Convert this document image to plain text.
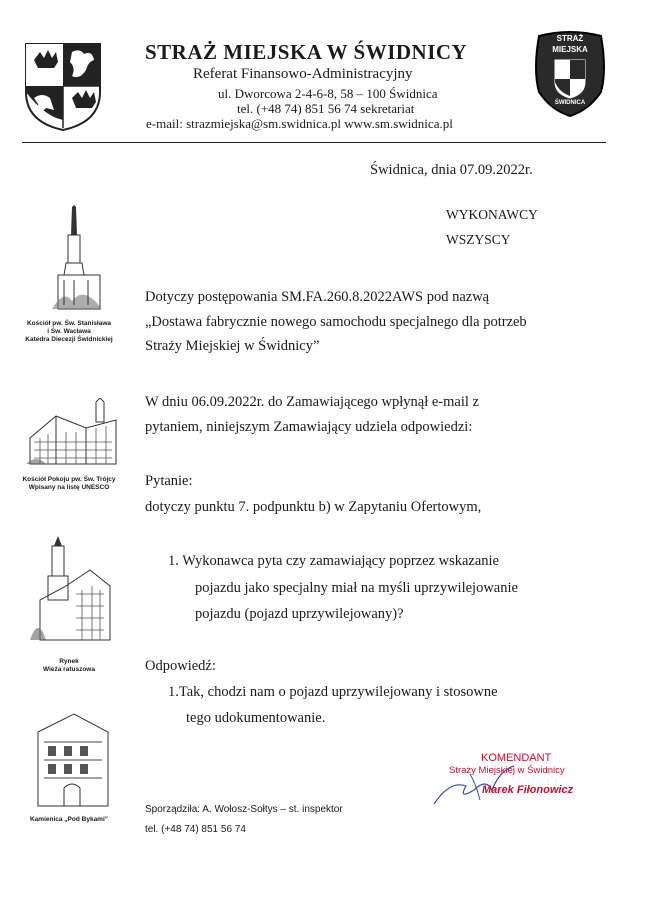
STRAŻ MIEJSKA W ŚWIDNICY
Referat Finansowo-Administracyjny
ul. Dworcowa 2-4-6-8, 58 – 100 Świdnica
tel. (+48 74) 851 56 74 sekretariat
e-mail: strazmiejska@sm.swidnica.pl www.sm.swidnica.pl
STRAŻ
MIEJSKA
ŚWIDNICA
Kościół pw. Św. Stanisława
i Św. Wacława
Katedra Diecezji Świdnickiej
Kościół Pokoju pw. Św. Trójcy
Wpisany na listę UNESCO
Rynek
Wieża ratuszowa
Kamienica „Pod Bykami”
Świdnica, dnia 07.09.2022r.
WYKONAWCY
WSZYSCY
Dotyczy postępowania SM.FA.260.8.2022AWS pod nazwą
„Dostawa fabrycznie nowego samochodu specjalnego dla potrzeb
Straży Miejskiej w Świdnicy”
W dniu 06.09.2022r. do Zamawiającego wpłynął e-mail z
pytaniem, niniejszym Zamawiający udziela odpowiedzi:
Pytanie:
dotyczy punktu 7. podpunktu b) w Zapytaniu Ofertowym,
1. Wykonawca pyta czy zamawiający poprzez wskazanie
pojazdu jako specjalny miał na myśli uprzywilejowanie
pojazdu (pojazd uprzywilejowany)?
Odpowiedź:
1.Tak, chodzi nam o pojazd uprzywilejowany i stosowne
tego udokumentowanie.
KOMENDANT
Straży Miejskiej w Świdnicy
Marek Fiłonowicz
Sporządziła: A. Wołosz-Sołtys – st. inspektor
tel. (+48 74) 851 56 74
